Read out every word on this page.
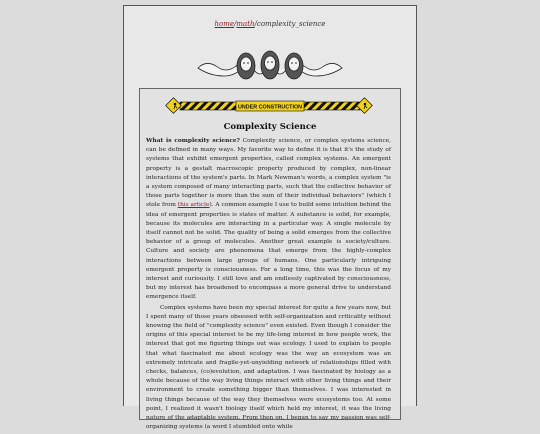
home/math/complexity_science
UNDER CONSTRUCTION
Complexity Science

What is complexity science? Complexity science, or complex systems science, can be defined in many ways. My favorite way to define it is that it's the study of systems that exhibit emergent properties, called complex systems. An emergent property is a gestalt macroscopic property produced by complex, non-linear interactions of the system's parts. In Mark Newman's words, a complex system "is a system composed of many interacting parts, such that the collective behavior of those parts together is more than the sum of their individual behaviors" (which I stole from this article). A common example I use to build some intuition behind the idea of emergent properties is states of matter. A substance is solid, for example, because its molecules are interacting in a particular way. A single molecule by itself cannot not be solid. The quality of being a solid emerges from the collective behavior of a group of molecules. Another great example is society/culture. Culture and society are phenomena that emerge from the highly-complex interactions between large groups of humans. One particularly intriguing emergent property is consciousness. For a long time, this was the focus of my interest and curiousity. I still love and am endlessly captivated by consciousness, but my interest has broadened to encompass a more general drive to understand emergence itself.

Complex systems have been my special interest for quite a few years now, but I spent many of those years obsessed with self-organization and criticality without knowing the field of "complexity science" even existed. Even though I consider the origins of this special interest to be my life-long interest in how people work, the interest that got me figuring things out was ecology. I used to explain to people that what fascinated me about ecology was the way an ecosystem was an extremely intricate and fragile-yet-unyielding network of relationships filled with checks, balances, (co)evolution, and adaptation. I was fascinated by biology as a whole because of the way living things interact with other living things and their environment to create something bigger than themselves. I was interested in living things because of the way they themselves were ecosystems too. At some point, I realized it wasn't biology itself which held my interest, it was the living nature of the adaptable system. From then on, I began to say my passion was self-organizing systems (a word I stumbled onto while
